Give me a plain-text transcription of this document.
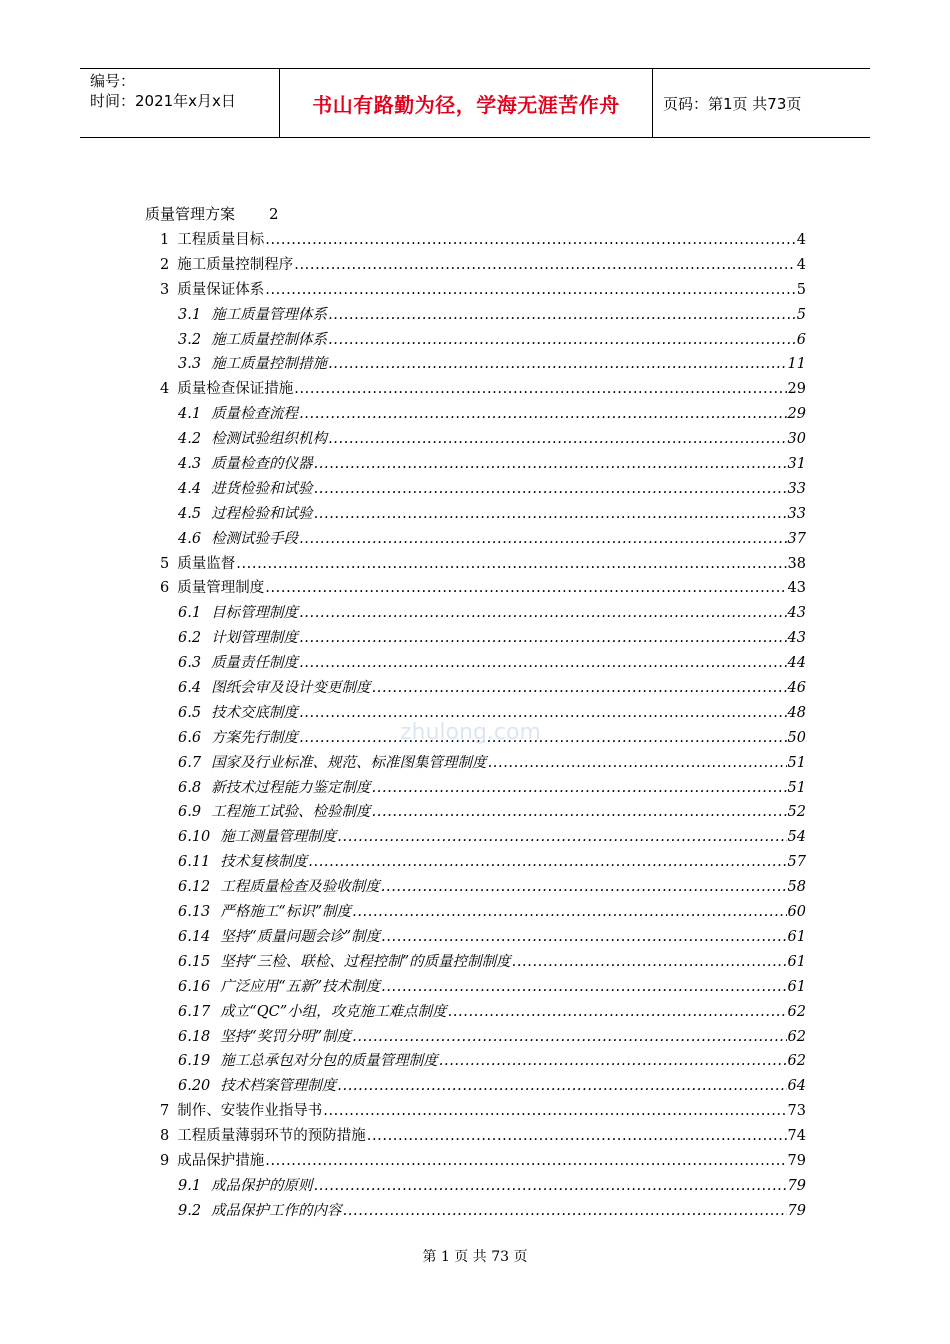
编号：
时间：2021年x月x日	书山有路勤为径，学海无涯苦作舟	页码：第1页 共73页
质量管理方案 2
1 工程质量目标 .....	4
2 施工质量控制程序 .....	4
3 质量保证体系 .....	5
3.1 施工质量管理体系 .....	5
3.2 施工质量控制体系 .....	6
3.3 施工质量控制措施 .....	11
4 质量检查保证措施 .....	29
4.1 质量检查流程 .....	29
4.2 检测试验组织机构 .....	30
4.3 质量检查的仪器 .....	31
4.4 进货检验和试验 .....	33
4.5 过程检验和试验 .....	33
4.6 检测试验手段 .....	37
5 质量监督 .....	38
6 质量管理制度 .....	43
6.1 目标管理制度 .....	43
6.2 计划管理制度 .....	43
6.3 质量责任制度 .....	44
6.4 图纸会审及设计变更制度 .....	46
6.5 技术交底制度 .....	48
6.6 方案先行制度 .....	50
6.7 国家及行业标准、规范、标准图集管理制度 .....	51
6.8 新技术过程能力鉴定制度 .....	51
6.9 工程施工试验、检验制度 .....	52
6.10 施工测量管理制度 .....	54
6.11 技术复核制度 .....	57
6.12 工程质量检查及验收制度 .....	58
6.13 严格施工“标识”制度 .....	60
6.14 坚持“质量问题会诊”制度 .....	61
6.15 坚持“三检、联检、过程控制”的质量控制制度 .....	61
6.16 广泛应用“五新”技术制度 .....	61
6.17 成立“QC”小组，攻克施工难点制度 .....	62
6.18 坚持“奖罚分明”制度 .....	62
6.19 施工总承包对分包的质量管理制度 .....	62
6.20 技术档案管理制度 .....	64
7 制作、安装作业指导书 .....	73
8 工程质量薄弱环节的预防措施 .....	74
9 成品保护措施 .....	79
9.1 成品保护的原则 .....	79
9.2 成品保护工作的内容 .....	79
zhulong.com
第 1 页 共 73 页
